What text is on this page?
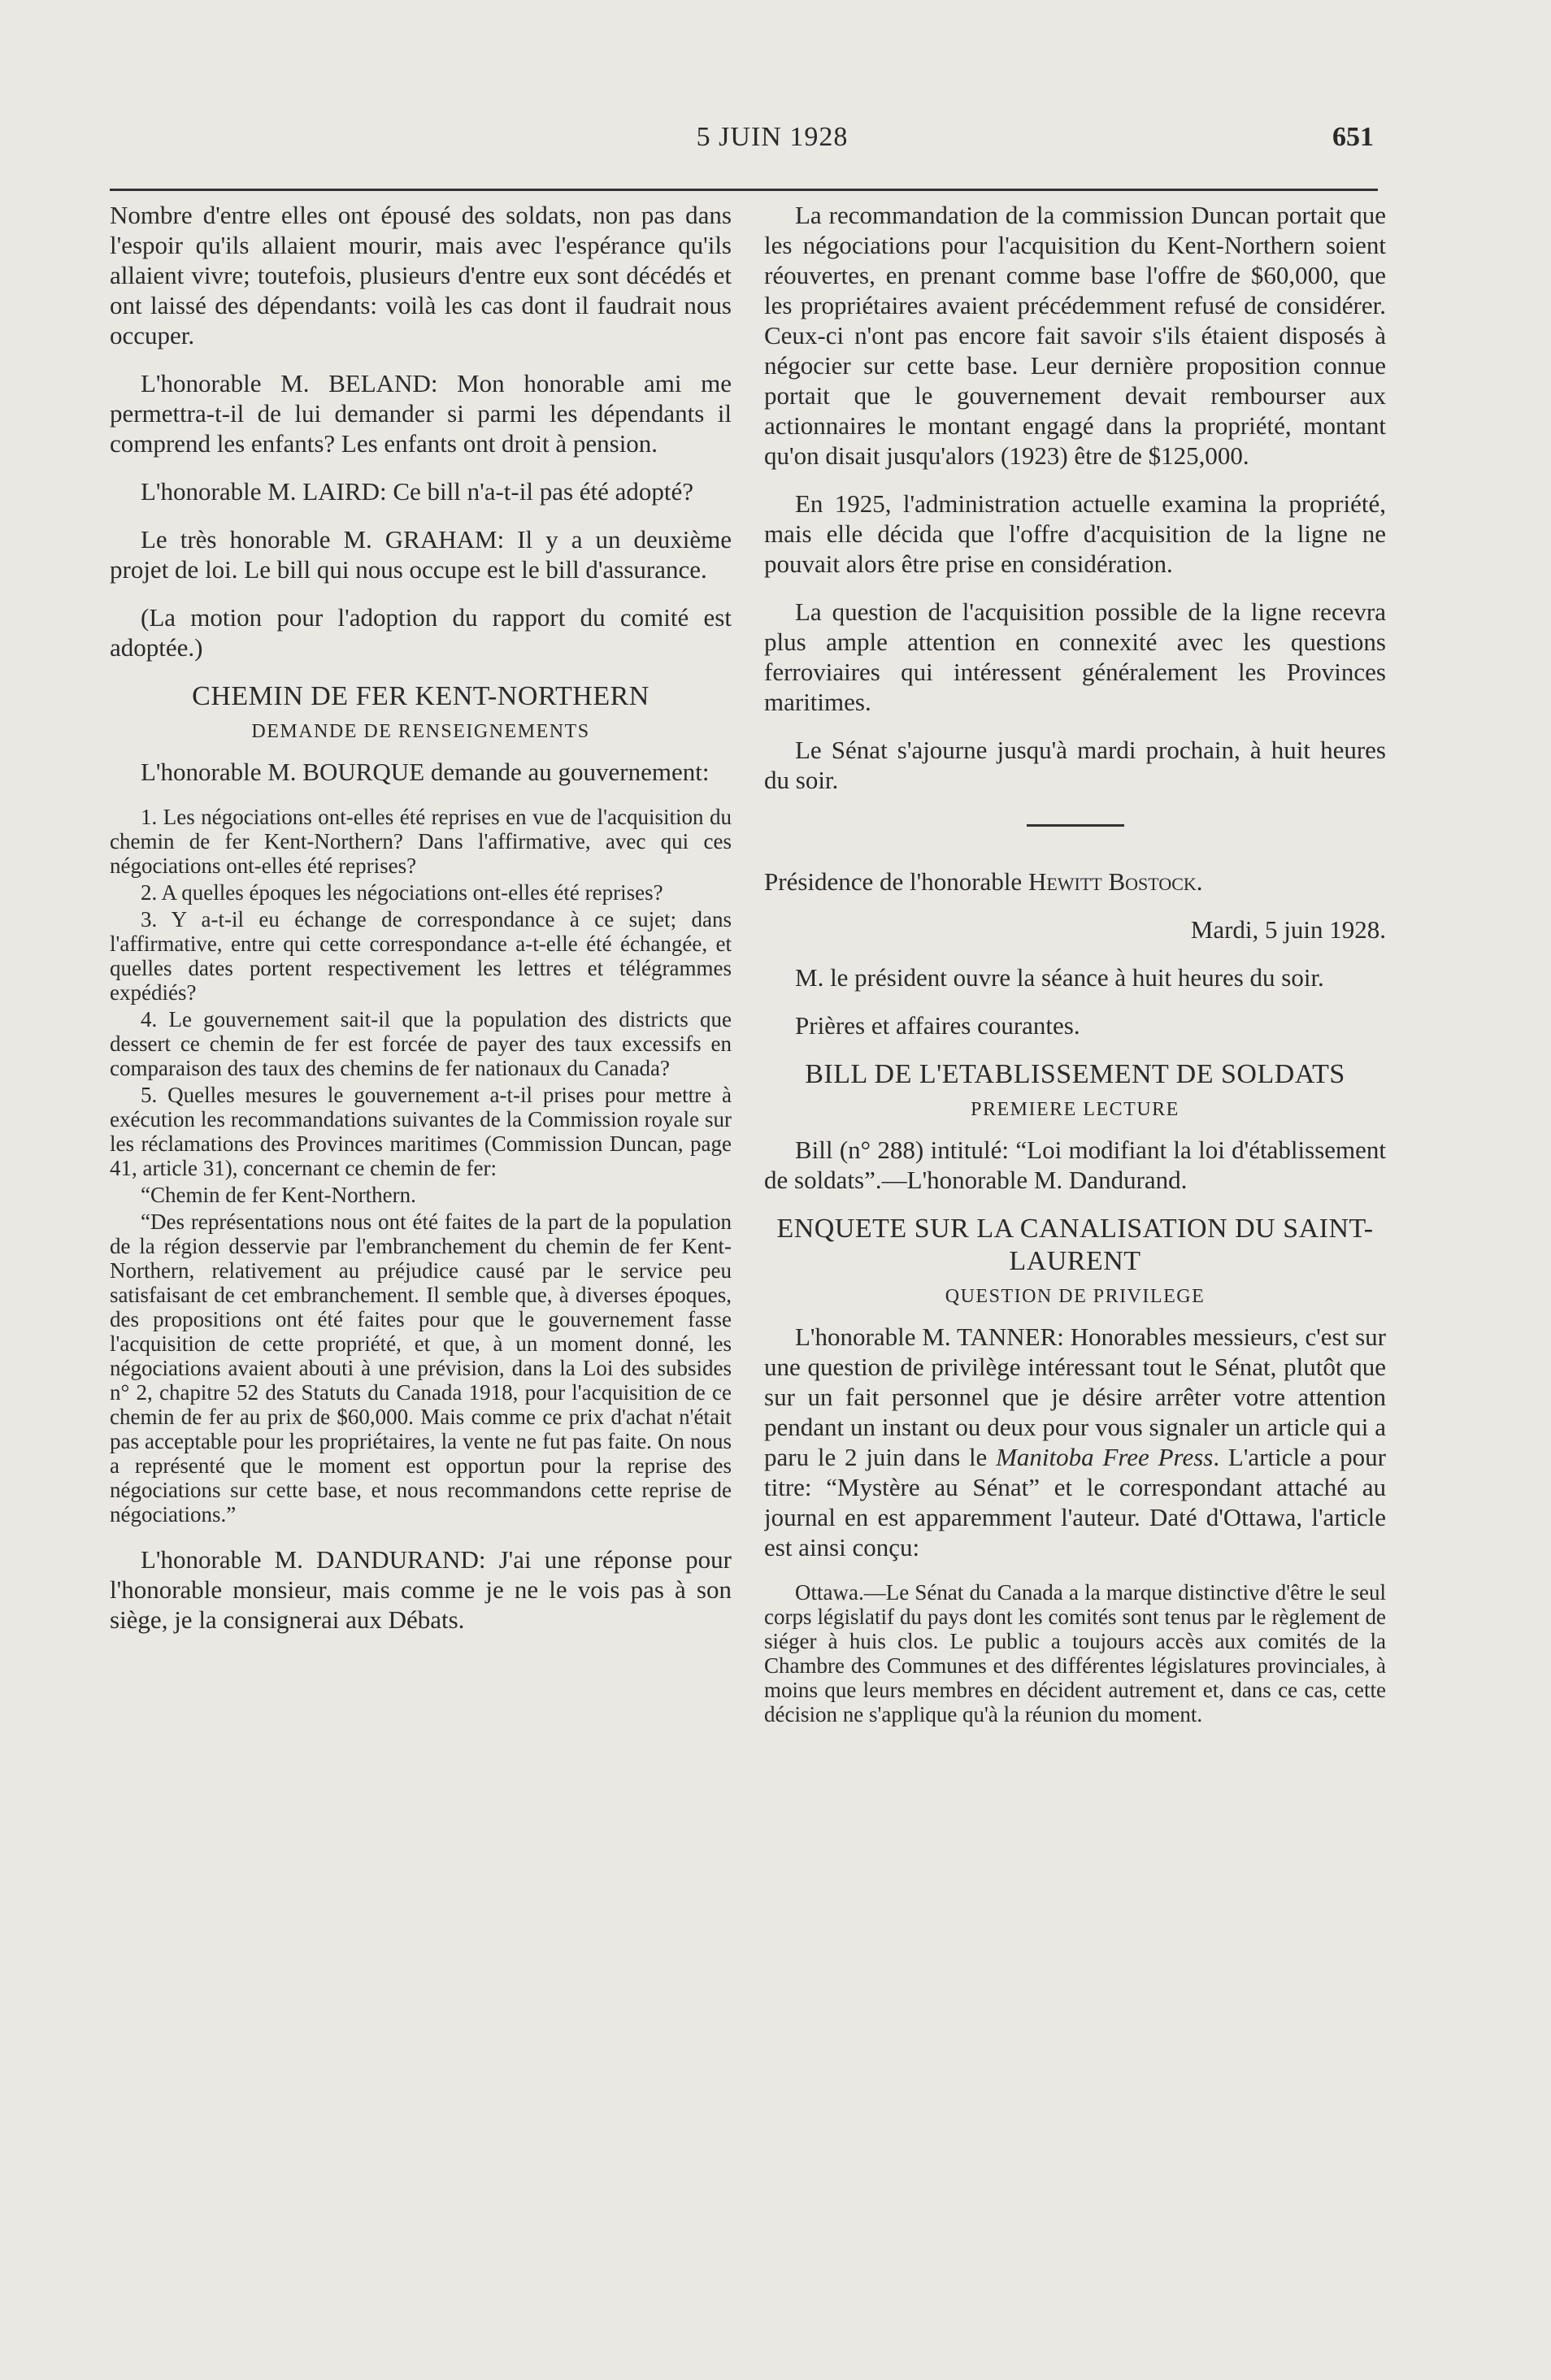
5 JUIN 1928	651

Nombre d'entre elles ont épousé des soldats, non pas dans l'espoir qu'ils allaient mourir, mais avec l'espérance qu'ils allaient vivre; toutefois, plusieurs d'entre eux sont décédés et ont laissé des dépendants: voilà les cas dont il faudrait nous occuper.

L'honorable M. BELAND: Mon honorable ami me permettra-t-il de lui demander si parmi les dépendants il comprend les enfants? Les enfants ont droit à pension.

L'honorable M. LAIRD: Ce bill n'a-t-il pas été adopté?

Le très honorable M. GRAHAM: Il y a un deuxième projet de loi. Le bill qui nous occupe est le bill d'assurance.

(La motion pour l'adoption du rapport du comité est adoptée.)

CHEMIN DE FER KENT-NORTHERN
DEMANDE DE RENSEIGNEMENTS

L'honorable M. BOURQUE demande au gouvernement:

1. Les négociations ont-elles été reprises en vue de l'acquisition du chemin de fer Kent-Northern? Dans l'affirmative, avec qui ces négociations ont-elles été reprises?

2. A quelles époques les négociations ont-elles été reprises?

3. Y a-t-il eu échange de correspondance à ce sujet; dans l'affirmative, entre qui cette correspondance a-t-elle été échangée, et quelles dates portent respectivement les lettres et télégrammes expédiés?

4. Le gouvernement sait-il que la population des districts que dessert ce chemin de fer est forcée de payer des taux excessifs en comparaison des taux des chemins de fer nationaux du Canada?

5. Quelles mesures le gouvernement a-t-il prises pour mettre à exécution les recommandations suivantes de la Commission royale sur les réclamations des Provinces maritimes (Commission Duncan, page 41, article 31), concernant ce chemin de fer:

“Chemin de fer Kent-Northern.

“Des représentations nous ont été faites de la part de la population de la région desservie par l'embranchement du chemin de fer Kent-Northern, relativement au préjudice causé par le service peu satisfaisant de cet embranchement. Il semble que, à diverses époques, des propositions ont été faites pour que le gouvernement fasse l'acquisition de cette propriété, et que, à un moment donné, les négociations avaient abouti à une prévision, dans la Loi des subsides n° 2, chapitre 52 des Statuts du Canada 1918, pour l'acquisition de ce chemin de fer au prix de $60,000. Mais comme ce prix d'achat n'était pas acceptable pour les propriétaires, la vente ne fut pas faite. On nous a représenté que le moment est opportun pour la reprise des négociations sur cette base, et nous recommandons cette reprise de négociations.”

L'honorable M. DANDURAND: J'ai une réponse pour l'honorable monsieur, mais comme je ne le vois pas à son siège, je la consignerai aux Débats.

La recommandation de la commission Duncan portait que les négociations pour l'acquisition du Kent-Northern soient réouvertes, en prenant comme base l'offre de $60,000, que les propriétaires avaient précédemment refusé de considérer. Ceux-ci n'ont pas encore fait savoir s'ils étaient disposés à négocier sur cette base. Leur dernière proposition connue portait que le gouvernement devait rembourser aux actionnaires le montant engagé dans la propriété, montant qu'on disait jusqu'alors (1923) être de $125,000.

En 1925, l'administration actuelle examina la propriété, mais elle décida que l'offre d'acquisition de la ligne ne pouvait alors être prise en considération.

La question de l'acquisition possible de la ligne recevra plus ample attention en connexité avec les questions ferroviaires qui intéressent généralement les Provinces maritimes.

Le Sénat s'ajourne jusqu'à mardi prochain, à huit heures du soir.

Présidence de l'honorable Hewitt Bostock.

Mardi, 5 juin 1928.

M. le président ouvre la séance à huit heures du soir.

Prières et affaires courantes.

BILL DE L'ETABLISSEMENT DE SOLDATS
PREMIERE LECTURE

Bill (n° 288) intitulé: “Loi modifiant la loi d'établissement de soldats”.—L'honorable M. Dandurand.

ENQUETE SUR LA CANALISATION DU SAINT-LAURENT
QUESTION DE PRIVILEGE

L'honorable M. TANNER: Honorables messieurs, c'est sur une question de privilège intéressant tout le Sénat, plutôt que sur un fait personnel que je désire arrêter votre attention pendant un instant ou deux pour vous signaler un article qui a paru le 2 juin dans le Manitoba Free Press. L'article a pour titre: “Mystère au Sénat” et le correspondant attaché au journal en est apparemment l'auteur. Daté d'Ottawa, l'article est ainsi conçu:

Ottawa.—Le Sénat du Canada a la marque distinctive d'être le seul corps législatif du pays dont les comités sont tenus par le règlement de siéger à huis clos. Le public a toujours accès aux comités de la Chambre des Communes et des différentes législatures provinciales, à moins que leurs membres en décident autrement et, dans ce cas, cette décision ne s'applique qu'à la réunion du moment.
